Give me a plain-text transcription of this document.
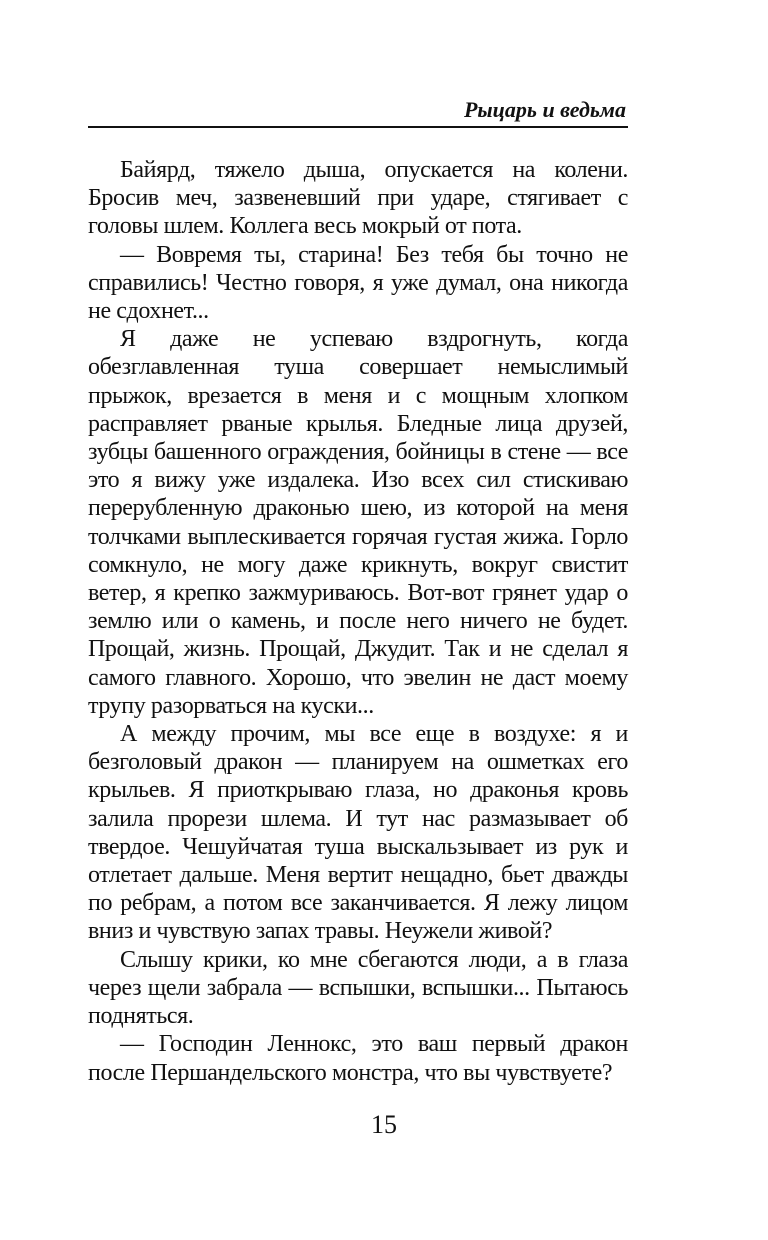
Рыцарь и ведьма

Байярд, тяжело дыша, опускается на колени. Бросив меч, зазвеневший при ударе, стягивает с головы шлем. Коллега весь мокрый от пота.

— Вовремя ты, старина! Без тебя бы точно не справились! Честно говоря, я уже думал, она никогда не сдохнет...

Я даже не успеваю вздрогнуть, когда обезглавленная туша совершает немыслимый прыжок, врезается в меня и с мощным хлопком расправляет рваные крылья. Бледные лица друзей, зубцы башенного ограждения, бойницы в стене — все это я вижу уже издалека. Изо всех сил стискиваю перерубленную драконью шею, из которой на меня толчками выплескивается горячая густая жижа. Горло сомкнуло, не могу даже крикнуть, вокруг свистит ветер, я крепко зажмуриваюсь. Вот-вот грянет удар о землю или о камень, и после него ничего не будет. Прощай, жизнь. Прощай, Джудит. Так и не сделал я самого главного. Хорошо, что эвелин не даст моему трупу разорваться на куски...

А между прочим, мы все еще в воздухе: я и безголовый дракон — планируем на ошметках его крыльев. Я приоткрываю глаза, но драконья кровь залила прорези шлема. И тут нас размазывает об твердое. Чешуйчатая туша выскальзывает из рук и отлетает дальше. Меня вертит нещадно, бьет дважды по ребрам, а потом все заканчивается. Я лежу лицом вниз и чувствую запах травы. Неужели живой?

Слышу крики, ко мне сбегаются люди, а в глаза через щели забрала — вспышки, вспышки... Пытаюсь подняться.

— Господин Леннокс, это ваш первый дракон после Першандельского монстра, что вы чувствуете?

15
